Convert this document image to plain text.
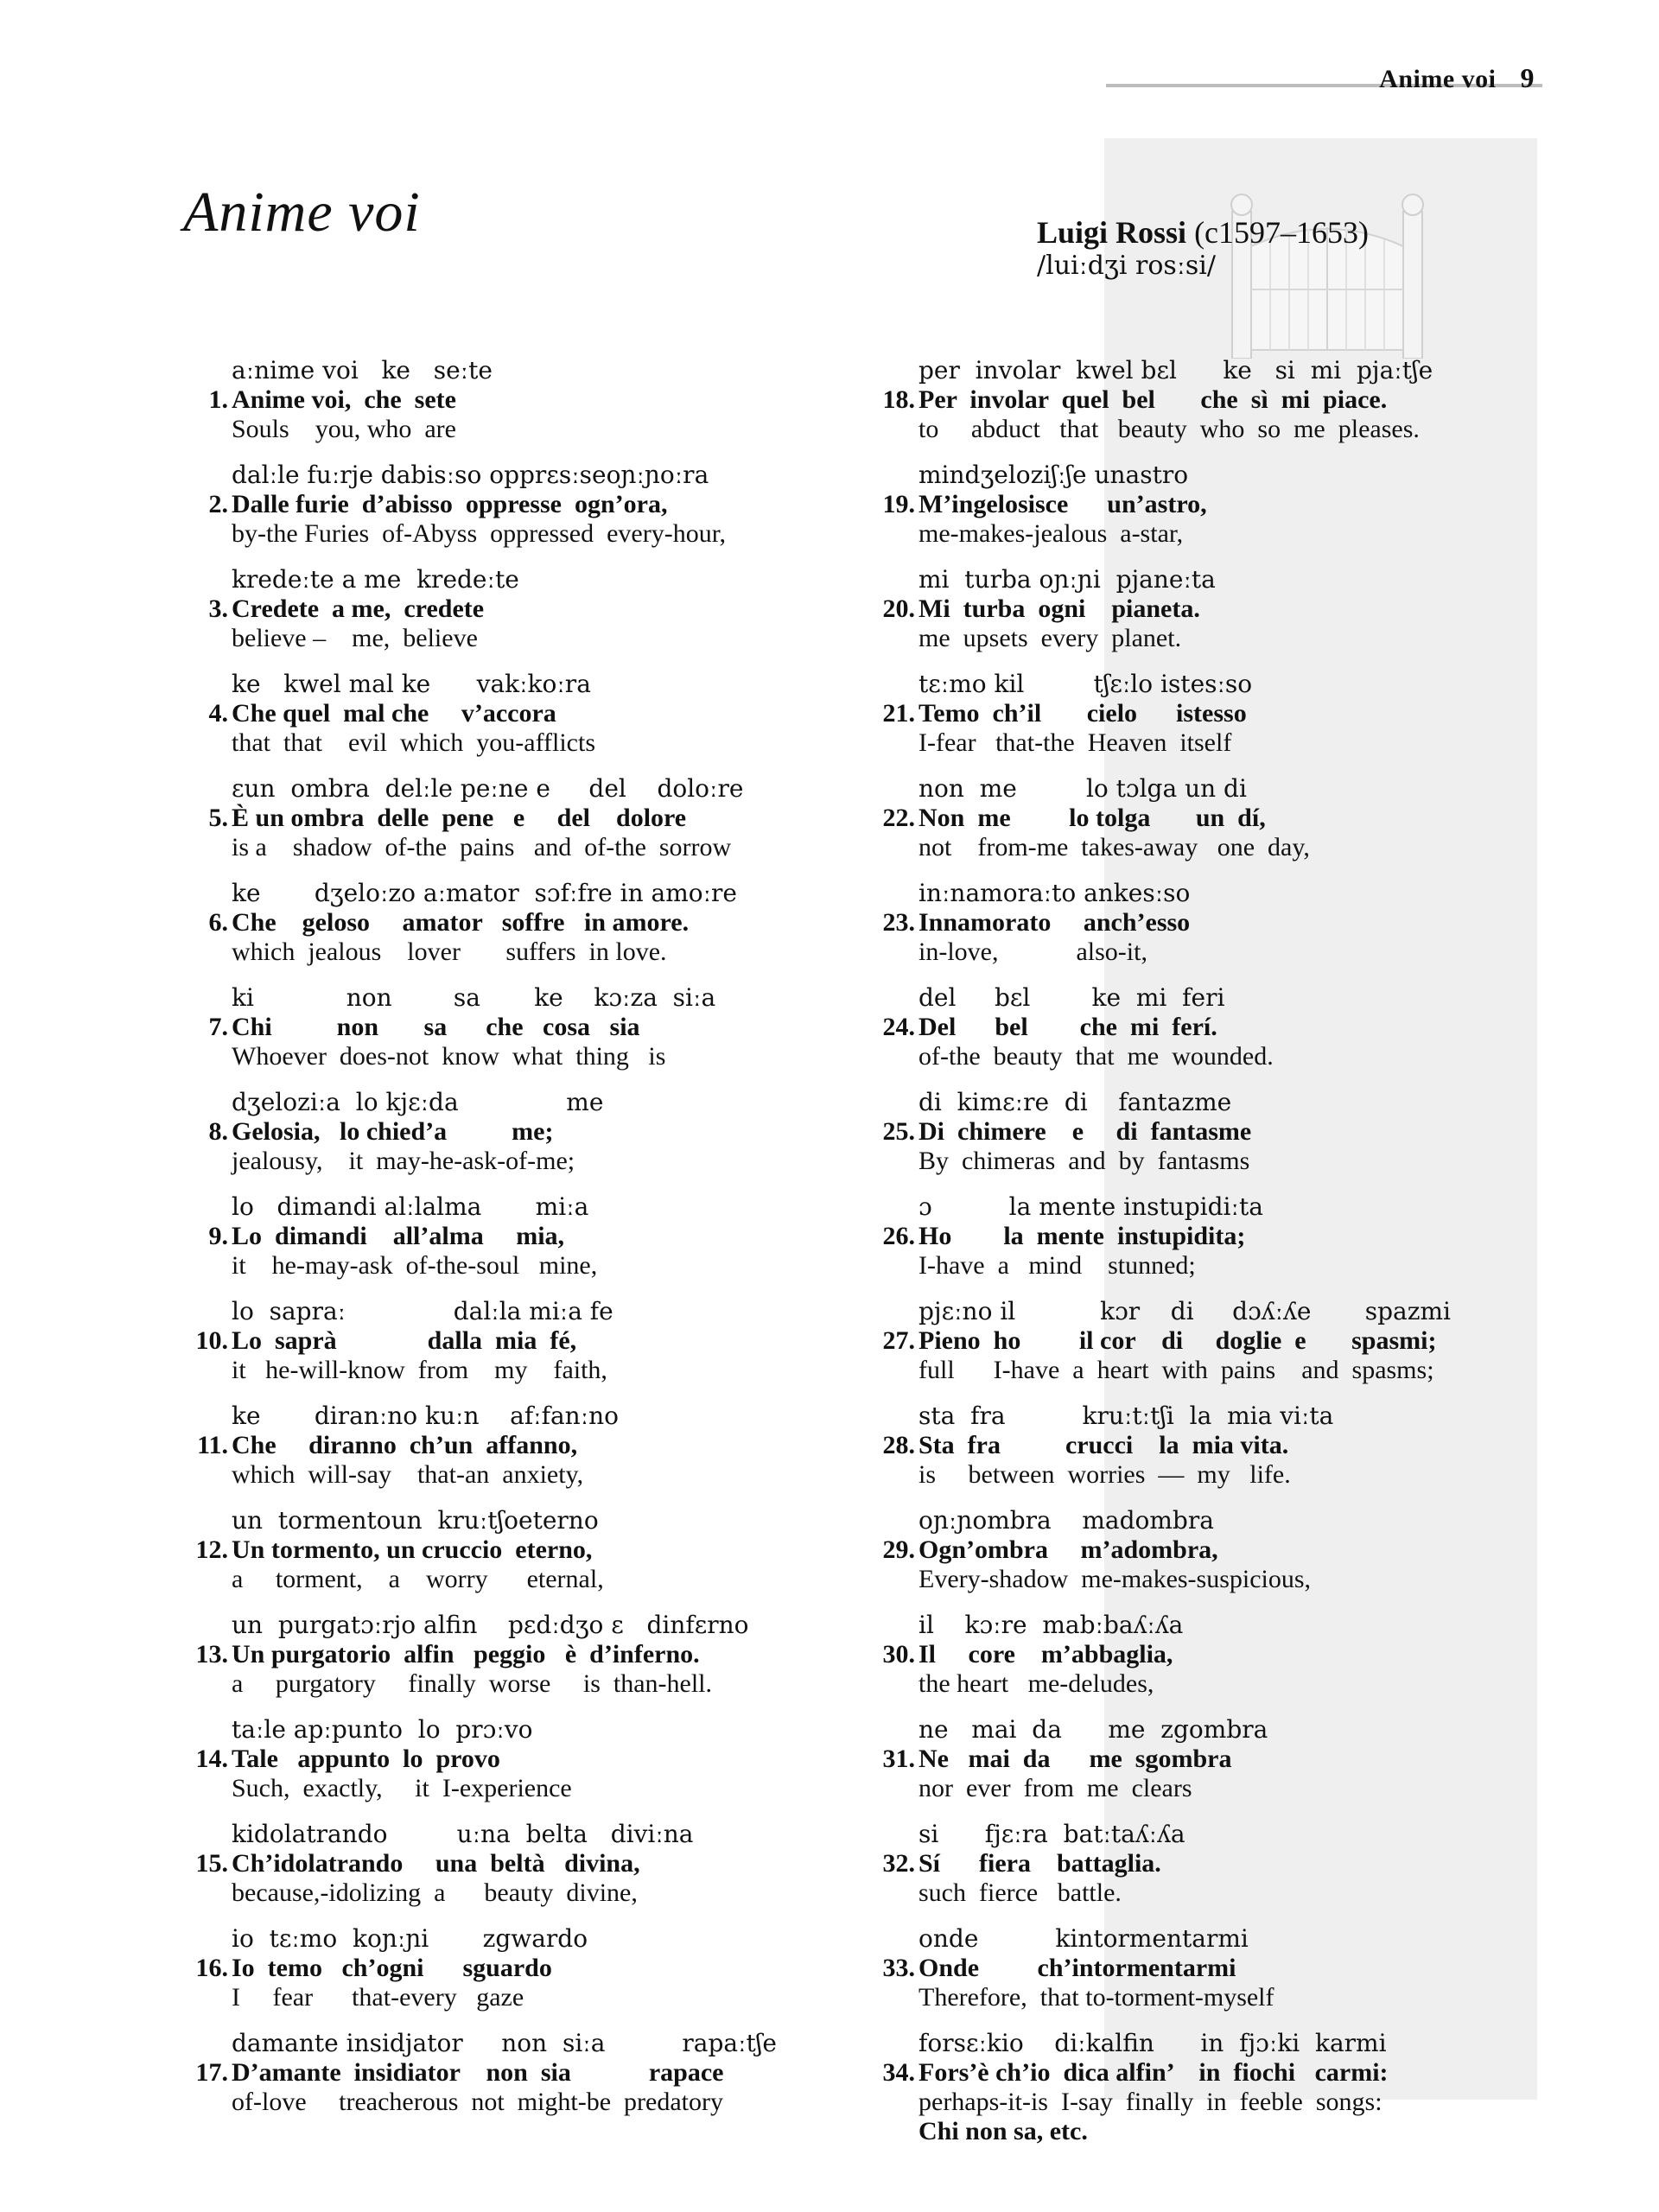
Anime voi 9
Anime voi	Luigi Rossi (c1597–1653)
/luiːdʒi rosːsi/
aːnime voi   ke   seːte
1. Anime voi,  che  sete
Souls    you, who  are
dalːle fuːrje dabisːso opprɛsːseoɲːɲoːra
2. Dalle furie  d’abisso  oppresse  ogn’ora,
by-the Furies  of-Abyss  oppressed  every-hour,
kredeːte a me  kredeːte
3. Credete  a me,  credete
believe –    me,  believe
ke   kwel mal ke      vakːkoːra
4. Che quel  mal che     v’accora
that  that    evil  which  you-afflicts
ɛun  ombra  delːle peːne e     del    doloːre
5. È un ombra  delle  pene   e     del    dolore
is a    shadow  of-the  pains   and  of-the  sorrow
ke       dʒeloːzo aːmator  sɔfːfre in amoːre
6. Che    geloso     amator   soffre   in amore.
which  jealous    lover       suffers  in love.
ki            non        sa       ke    kɔːza  siːa
7. Chi          non       sa      che   cosa   sia
Whoever  does-not  know  what  thing   is
dʒeloziːa  lo kjɛːda              me
8. Gelosia,   lo chied’a          me;
jealousy,    it  may-he-ask-of-me;
lo   dimandi alːlalma       miːa
9. Lo  dimandi    all’alma     mia,
it    he-may-ask  of-the-soul   mine,
lo  sapraː              dalːla miːa fe
10. Lo  saprà              dalla  mia  fé,
it   he-will-know  from    my    faith,
ke       diranːno kuːn    afːfanːno
11. Che     diranno  ch’un  affanno,
which  will-say    that-an  anxiety,
un  tormentoun  kruːtʃoeterno
12. Un tormento, un cruccio  eterno,
a     torment,    a    worry      eternal,
un  purgatɔːrjo alfin    pɛdːdʒo ɛ   dinfɛrno
13. Un purgatorio  alfin   peggio   è  d’inferno.
a     purgatory     finally  worse     is  than-hell.
taːle apːpunto  lo  prɔːvo
14. Tale   appunto  lo  provo
Such,  exactly,     it  I-experience
kidolatrando         uːna  belta   diviːna
15. Ch’idolatrando     una  beltà   divina,
because,-idolizing  a      beauty  divine,
io  tɛːmo  koɲːɲi       zgwardo
16. Io  temo   ch’ogni      sguardo
I     fear      that-every   gaze
damante insidjator     non  siːa          rapaːtʃe
17. D’amante  insidiator    non  sia            rapace
of-love     treacherous  not  might-be  predatory
per  involar  kwel bɛl      ke   si  mi  pjaːtʃe
18. Per  involar  quel  bel       che  sì  mi  piace.
to     abduct   that   beauty  who  so  me  pleases.
mindʒeloziʃːʃe unastro
19. M’ingelosisce      un’astro,
me-makes-jealous  a-star,
mi  turba oɲːɲi  pjaneːta
20. Mi  turba  ogni    pianeta.
me  upsets  every  planet.
tɛːmo kil         tʃɛːlo istesːso
21. Temo  ch’il       cielo      istesso
I-fear   that-the  Heaven  itself
non  me         lo tɔlga un di
22. Non  me         lo tolga       un  dí,
not    from-me  takes-away   one  day,
inːnamoraːto ankesːso
23. Innamorato     anch’esso
in-love,            also-it,
del     bɛl        ke  mi  feri
24. Del      bel        che  mi  ferí.
of-the  beauty  that  me  wounded.
di  kimɛːre  di    fantazme
25. Di  chimere    e     di  fantasme
By  chimeras  and  by  fantasms
ɔ          la mente instupidiːta
26. Ho        la  mente  instupidita;
I-have  a   mind    stunned;
pjɛːno il           kɔr    di     dɔʎːʎe       spazmi
27. Pieno  ho         il cor    di     doglie  e       spasmi;
full      I-have  a  heart  with  pains    and  spasms;
sta  fra          kruːtːtʃi  la  mia viːta
28. Sta  fra          crucci    la  mia vita.
is     between  worries  —  my   life.
oɲːɲombra    madombra
29. Ogn’ombra     m’adombra,
Every-shadow  me-makes-suspicious,
il    kɔːre  mabːbaʎːʎa
30. Il     core    m’abbaglia,
the heart   me-deludes,
ne   mai  da      me  zgombra
31. Ne   mai  da      me  sgombra
nor  ever  from  me  clears
si      fjɛːra  batːtaʎːʎa
32. Sí      fiera    battaglia.
such  fierce   battle.
onde          kintormentarmi
33. Onde         ch’intormentarmi
Therefore,  that to-torment-myself
forsɛːkio    diːkalfin      in  fjɔːki  karmi
34. Fors’è ch’io  dica alfin’    in  fiochi   carmi:
perhaps-it-is  I-say  finally  in  feeble  songs:
Chi non sa, etc.
